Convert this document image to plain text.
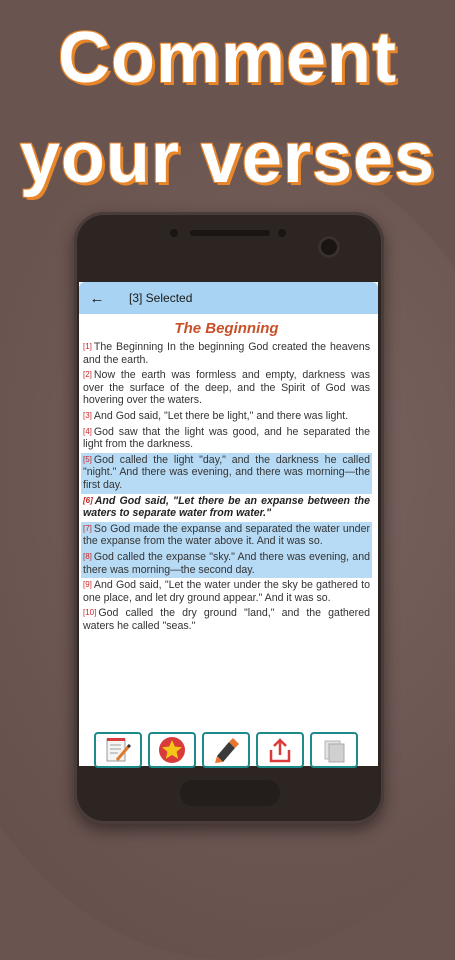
Comment
your verses
←	[3] Selected
The Beginning
[1] The Beginning In the beginning God created the heavens and the earth.
[2] Now the earth was formless and empty, darkness was over the surface of the deep, and the Spirit of God was hovering over the waters.
[3] And God said, "Let there be light," and there was light.
[4] God saw that the light was good, and he separated the light from the darkness.
[5] God called the light "day," and the darkness he called "night." And there was evening, and there was morning—the first day.
[6] And God said, "Let there be an expanse between the waters to separate water from water."
[7] So God made the expanse and separated the water under the expanse from the water above it. And it was so.
[8] God called the expanse "sky." And there was evening, and there was morning—the second day.
[9] And God said, "Let the water under the sky be gathered to one place, and let dry ground appear." And it was so.
[10] God called the dry ground "land," and the gathered waters he called "seas."
